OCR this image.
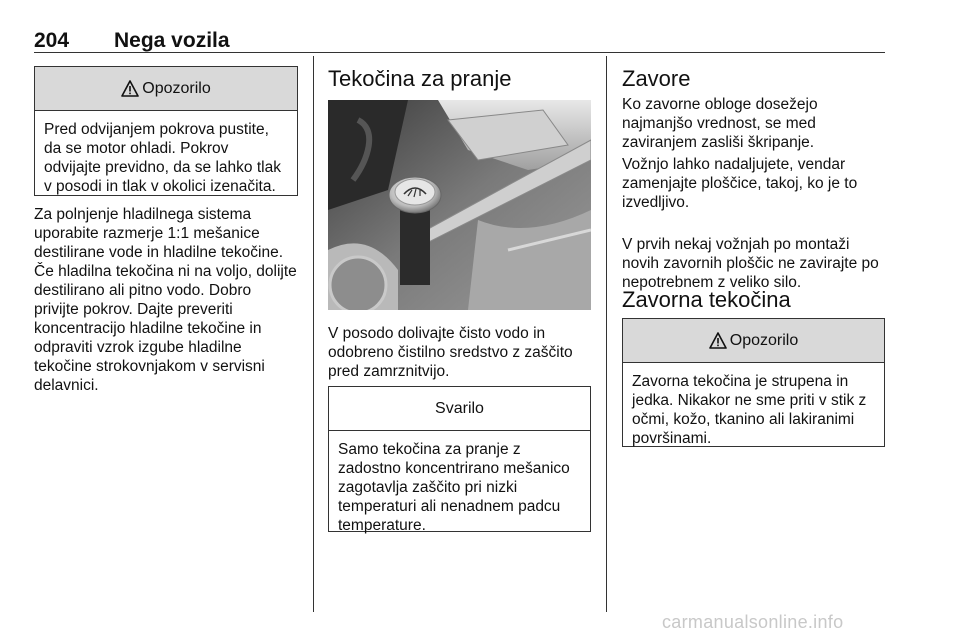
204 Nega vozila
Opozorilo
Pred odvijanjem pokrova pustite, da se motor ohladi. Pokrov odvijajte previdno, da se lahko tlak v posodi in tlak v okolici izenačita.

Za polnjenje hladilnega sistema uporabite razmerje 1:1 mešanice destilirane vode in hladilne tekočine. Če hladilna tekočina ni na voljo, dolijte destilirano ali pitno vodo. Dobro privijte pokrov. Dajte preveriti koncentracijo hladilne tekočine in odpraviti vzrok izgube hladilne tekočine strokovnjakom v servisni delavnici.

Tekočina za pranje

V posodo dolivajte čisto vodo in odobreno čistilno sredstvo z zaščito pred zamrznitvijo.

Svarilo
Samo tekočina za pranje z zadostno koncentrirano mešanico zagotavlja zaščito pri nizki temperaturi ali nenadnem padcu temperature.
Zavore

Ko zavorne obloge dosežejo najmanjšo vrednost, se med zaviranjem zasliši škripanje.

Vožnjo lahko nadaljujete, vendar zamenjajte ploščice, takoj, ko je to izvedljivo.

V prvih nekaj vožnjah po montaži novih zavornih ploščic ne zavirajte po nepotrebnem z veliko silo.

Zavorna tekočina
Opozorilo
Zavorna tekočina je strupena in jedka. Nikakor ne sme priti v stik z očmi, kožo, tkanino ali lakiranimi površinami.
carmanualsonline.info
